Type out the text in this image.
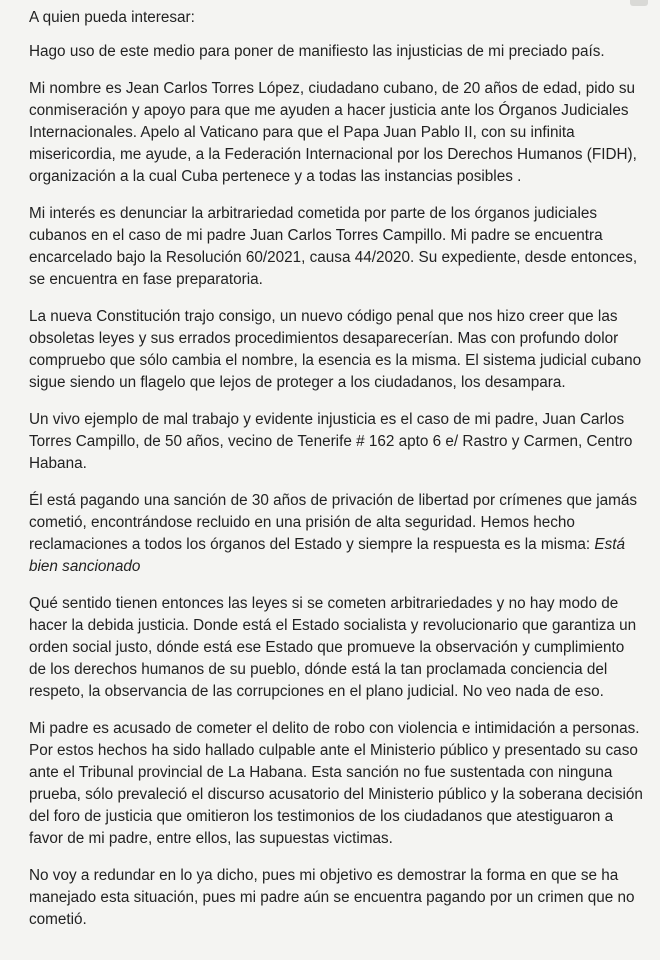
A quien pueda interesar:

Hago uso de este medio para poner de manifiesto las injusticias de mi preciado país.

Mi nombre es Jean Carlos Torres López, ciudadano cubano, de 20 años de edad, pido su conmiseración y apoyo para que me ayuden a hacer justicia ante los Órganos Judiciales Internacionales. Apelo al Vaticano para que el Papa Juan Pablo II, con su infinita misericordia, me ayude, a la Federación Internacional por los Derechos Humanos (FIDH), organización a la cual Cuba pertenece y a todas las instancias posibles .

Mi interés es denunciar la arbitrariedad cometida por parte de los órganos judiciales cubanos en el caso de mi padre Juan Carlos Torres Campillo. Mi padre se encuentra encarcelado bajo la Resolución 60/2021, causa 44/2020. Su expediente, desde entonces, se encuentra en fase preparatoria.

La nueva Constitución trajo consigo, un nuevo código penal que nos hizo creer que las obsoletas leyes y sus errados procedimientos desaparecerían. Mas con profundo dolor compruebo que sólo cambia el nombre, la esencia es la misma. El sistema judicial cubano sigue siendo un flagelo que lejos de proteger a los ciudadanos, los desampara.

Un vivo ejemplo de mal trabajo y evidente injusticia es el caso de mi padre, Juan Carlos Torres Campillo, de 50 años, vecino de Tenerife # 162 apto 6 e/ Rastro y Carmen, Centro Habana.

Él está pagando una sanción de 30 años de privación de libertad por crímenes que jamás cometió, encontrándose recluido en una prisión de alta seguridad. Hemos hecho reclamaciones a todos los órganos del Estado y siempre la respuesta es la misma: Está bien sancionado

Qué sentido tienen entonces las leyes si se cometen arbitrariedades y no hay modo de hacer la debida justicia. Donde está el Estado socialista y revolucionario que garantiza un orden social justo, dónde está ese Estado que promueve la observación y cumplimiento de los derechos humanos de su pueblo, dónde está la tan proclamada conciencia del respeto, la observancia de las corrupciones en el plano judicial. No veo nada de eso.

Mi padre es acusado de cometer el delito de robo con violencia e intimidación a personas. Por estos hechos ha sido hallado culpable ante el Ministerio público y presentado su caso ante el Tribunal provincial de La Habana. Esta sanción no fue sustentada con ninguna prueba, sólo prevaleció el discurso acusatorio del Ministerio público y la soberana decisión del foro de justicia que omitieron los testimonios de los ciudadanos que atestiguaron a favor de mi padre, entre ellos, las supuestas victimas.

No voy a redundar en lo ya dicho, pues mi objetivo es demostrar la forma en que se ha manejado esta situación, pues mi padre aún se encuentra pagando por un crimen que no cometió.
